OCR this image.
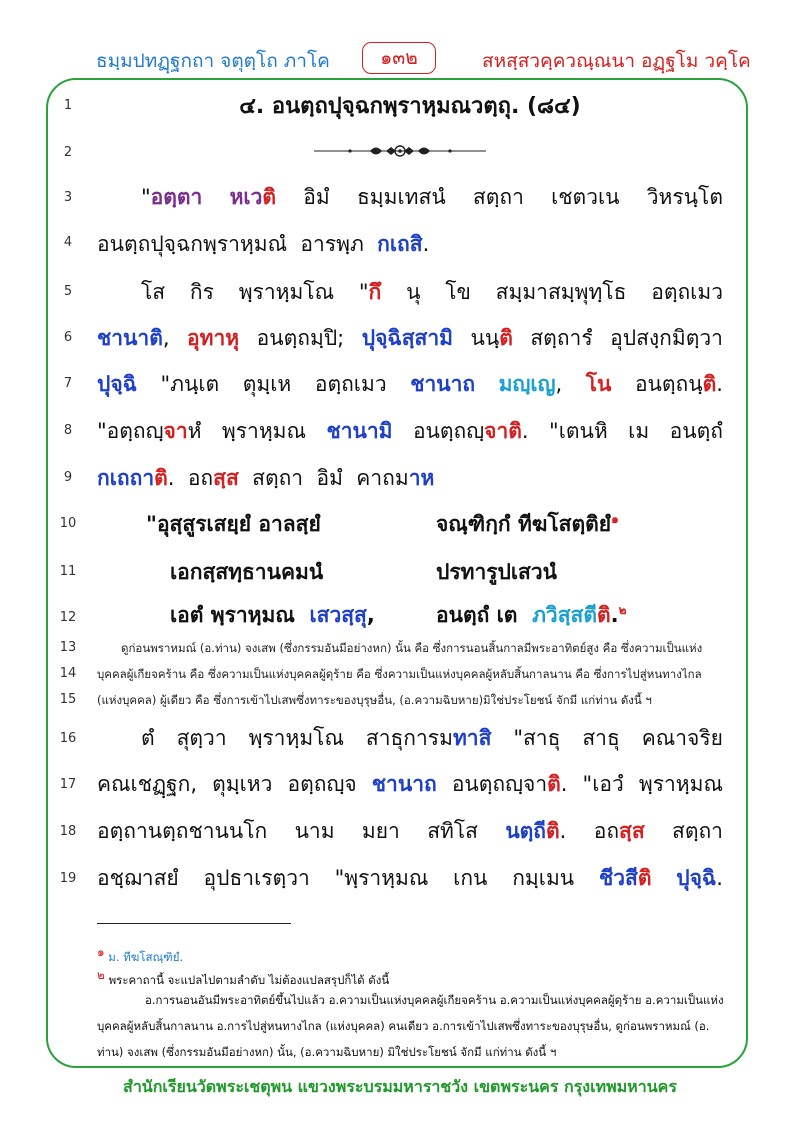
ธมฺมปทฏฺฐกถา จตุตฺโถ ภาโค	๑๓๒	สหสฺสวคฺควณฺณนา อฏฺฐโม วคฺโค
1
2
3
4
5
6
7
8
9
10
11
12
13
14
15
16
17
18
19
๔. อนตฺถปุจฺฉกพฺราหฺมณวตฺถุ. (๘๔)
"อตฺตา หเวติ อิมํ ธมฺมเทสนํ สตฺถา เชตวเน วิหรนฺโต
อนตฺถปุจฺฉกพฺราหฺมณํ อารพฺภ กเถสิ.
โส กิร พฺราหฺมโณ "กึ นุ โข สมฺมาสมฺพุทฺโธ อตฺถเมว
ชานาติ, อุทาหุ อนตฺถมฺปิ; ปุจฺฉิสฺสามิ นนฺติ สตฺถารํ อุปสงฺกมิตฺวา
ปุจฺฉิ "ภนฺเต ตุมฺเห อตฺถเมว ชานาถ มญฺเญ, โน อนตฺถนฺติ.
"อตฺถญฺจาหํ พฺราหฺมณ ชานามิ อนตฺถญฺจาติ. "เตนหิ เม อนตฺถํ
กเถถาติ. อถสฺส สตฺถา อิมํ คาถมาห
"อุสฺสูรเสยฺยํ อาลสฺยํ	จณฺฑิกฺกํ ทีฆโสตฺติยํ$^๑$
เอกสฺสทฺธานคมนํ	ปรทารูปเสวนํ
เอตํ พฺราหฺมณ เสวสฺสุ,	อนตฺถํ เต ภวิสฺสตีติ.$^๒$
ดูก่อนพราหมณ์ (อ.ท่าน) จงเสพ (ซึ่งกรรมอันมีอย่างหก) นั้น คือ ซึ่งการนอนสิ้นกาลมีพระอาทิตย์สูง คือ ซึ่งความเป็นแห่ง
บุคคลผู้เกียจคร้าน คือ ซึ่งความเป็นแห่งบุคคลผู้ดุร้าย คือ ซึ่งความเป็นแห่งบุคคลผู้หลับสิ้นกาลนาน คือ ซึ่งการไปสู่หนทางไกล
(แห่งบุคคล) ผู้เดียว คือ ซึ่งการเข้าไปเสพซึ่งทาระของบุรุษอื่น, (อ.ความฉิบหาย)มิใช่ประโยชน์ จักมี แก่ท่าน ดังนี้ ฯ
ตํ สุตฺวา พฺราหฺมโณ สาธุการมทาสิ "สาธุ สาธุ คณาจริย
คณเชฏฺฐก, ตุมฺเหว อตฺถญฺจ ชานาถ อนตฺถญฺจาติ. "เอวํ พฺราหฺมณ
อตฺถานตฺถชานนโก นาม มยา สทิโส นตฺถีติ. อถสฺส สตฺถา
อชฺฌาสยํ อุปธาเรตฺวา "พฺราหฺมณ เกน กมฺเมน ชีวสีติ ปุจฺฉิ.
๑ ม. ทีฆโสณฺฑิยํ.
๒ พระคาถานี้ จะแปลไปตามลำดับ ไม่ต้องแปลสรุปก็ได้ ดังนี้
อ.การนอนอันมีพระอาทิตย์ขึ้นไปแล้ว อ.ความเป็นแห่งบุคคลผู้เกียจคร้าน อ.ความเป็นแห่งบุคคลผู้ดุร้าย อ.ความเป็นแห่ง
บุคคลผู้หลับสิ้นกาลนาน อ.การไปสู่หนทางไกล (แห่งบุคคล) คนเดียว อ.การเข้าไปเสพซึ่งทาระของบุรุษอื่น, ดูก่อนพราหมณ์ (อ.
ท่าน) จงเสพ (ซึ่งกรรมอันมีอย่างหก) นั้น, (อ.ความฉิบหาย) มิใช่ประโยชน์ จักมี แก่ท่าน ดังนี้ ฯ
สำนักเรียนวัดพระเชตุพน แขวงพระบรมมหาราชวัง เขตพระนคร กรุงเทพมหานคร
